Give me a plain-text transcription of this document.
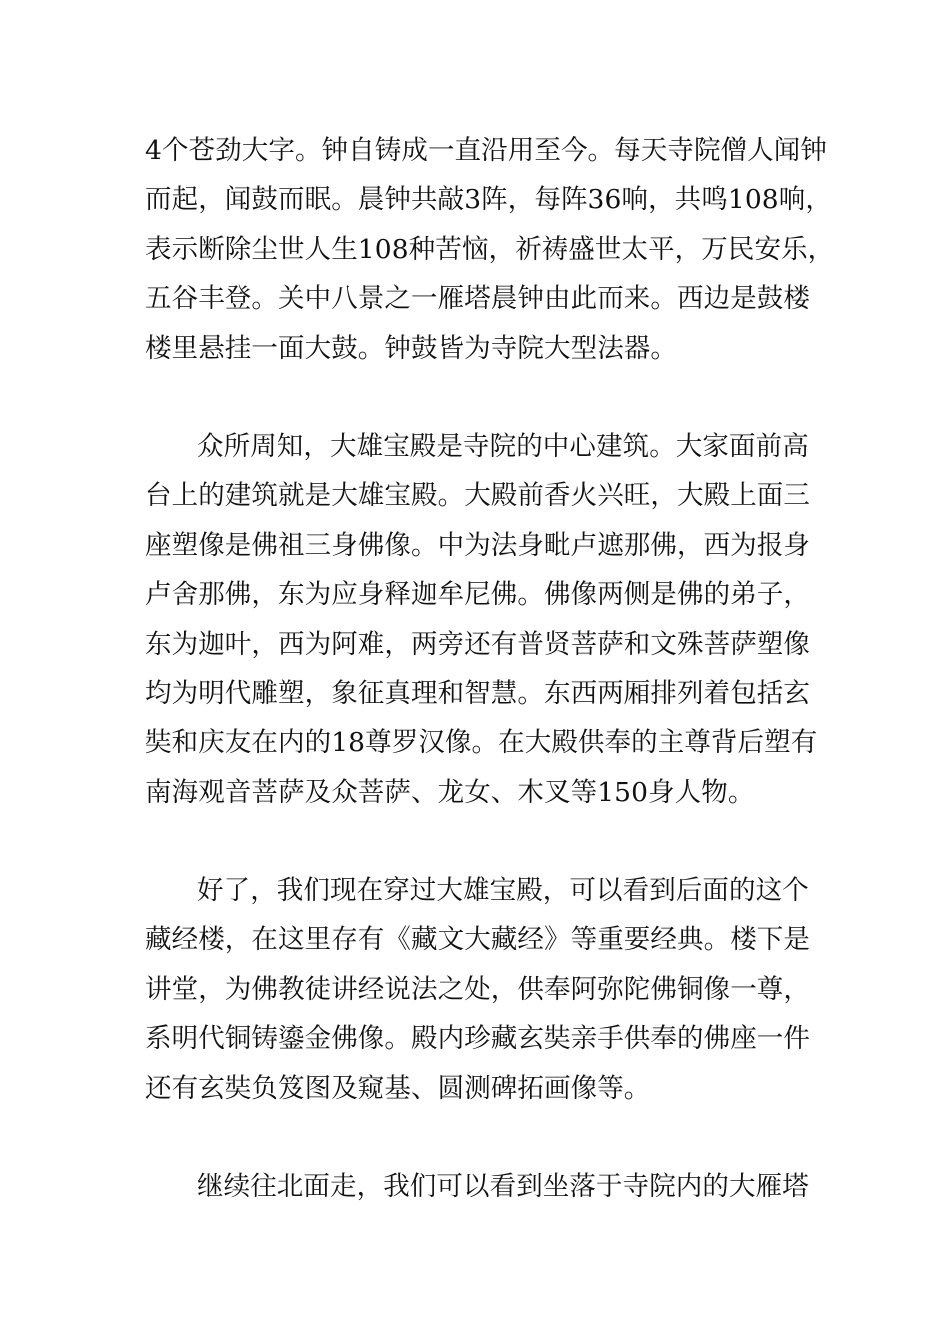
4个苍劲大字。钟自铸成一直沿用至今。每天寺院僧人闻钟
而起，闻鼓而眠。晨钟共敲3阵，每阵36响，共鸣108响，
表示断除尘世人生108种苦恼，祈祷盛世太平，万民安乐，
五谷丰登。关中八景之一雁塔晨钟由此而来。西边是鼓楼
楼里悬挂一面大鼓。钟鼓皆为寺院大型法器。
众所周知，大雄宝殿是寺院的中心建筑。大家面前高
台上的建筑就是大雄宝殿。大殿前香火兴旺，大殿上面三
座塑像是佛祖三身佛像。中为法身毗卢遮那佛，西为报身
卢舍那佛，东为应身释迦牟尼佛。佛像两侧是佛的弟子，
东为迦叶，西为阿难，两旁还有普贤菩萨和文殊菩萨塑像
均为明代雕塑，象征真理和智慧。东西两厢排列着包括玄
奘和庆友在内的18尊罗汉像。在大殿供奉的主尊背后塑有
南海观音菩萨及众菩萨、龙女、木叉等150身人物。
好了，我们现在穿过大雄宝殿，可以看到后面的这个
藏经楼，在这里存有《藏文大藏经》等重要经典。楼下是
讲堂，为佛教徒讲经说法之处，供奉阿弥陀佛铜像一尊，
系明代铜铸鎏金佛像。殿内珍藏玄奘亲手供奉的佛座一件
还有玄奘负笈图及窥基、圆测碑拓画像等。
继续往北面走，我们可以看到坐落于寺院内的大雁塔
